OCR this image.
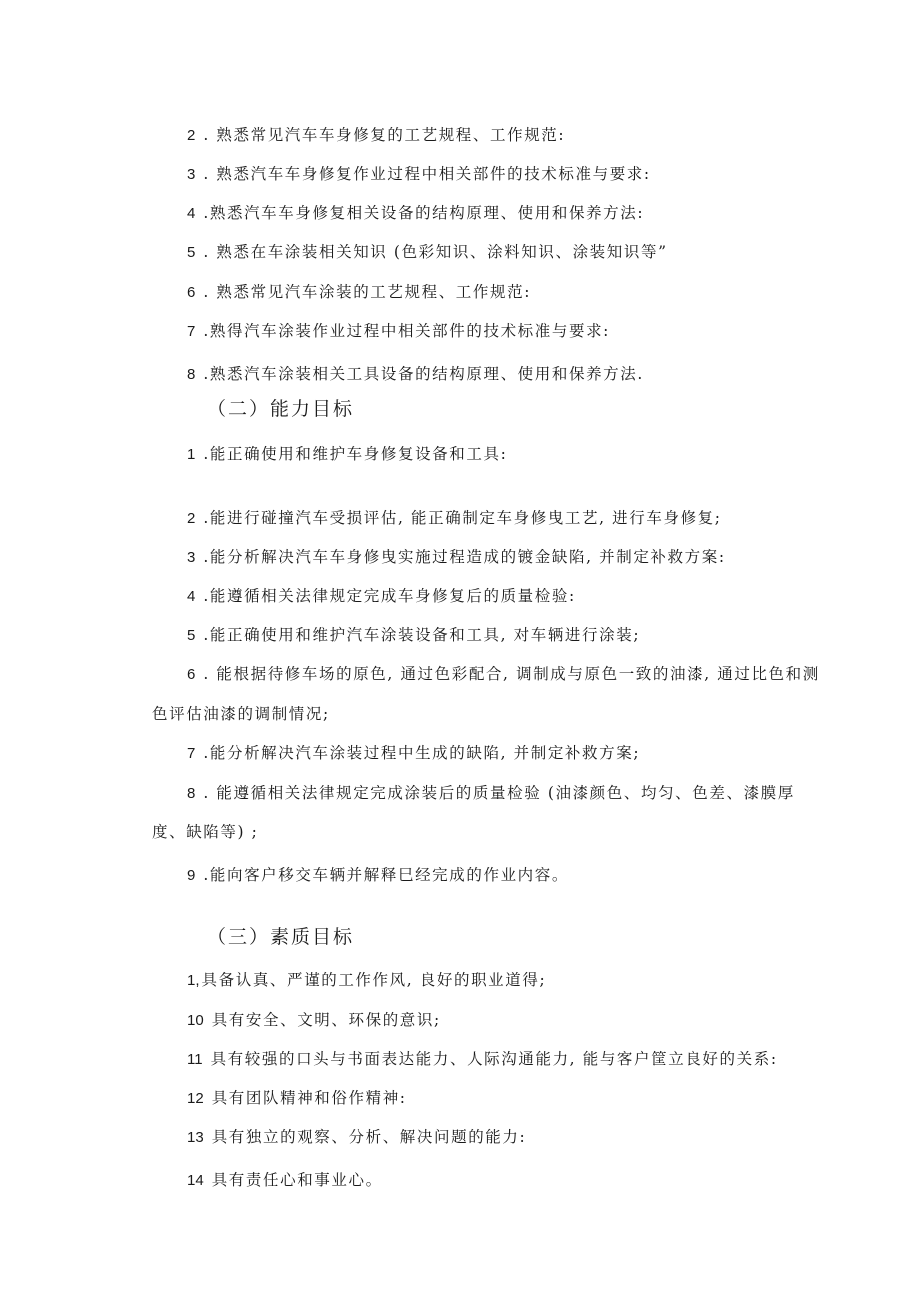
2 . 熟悉常见汽车车身修复的工艺规程、工作规范:
3 . 熟悉汽车车身修复作业过程中相关部件的技术标准与要求:
4 .熟悉汽车车身修复相关设备的结构原理、使用和保养方法:
5 . 熟悉在车涂装相关知识 (色彩知识、涂料知识、涂装知识等”
6 . 熟悉常见汽车涂装的工艺规程、工作规范:
7 .熟得汽车涂装作业过程中相关部件的技术标准与要求:
8 .熟悉汽车涂装相关工具设备的结构原理、使用和保养方法.
（二）能力目标
1 .能正确使用和维护车身修复设备和工具:
2 .能进行碰撞汽车受损评估, 能正确制定车身修曳工艺, 进行车身修复;
3 .能分析解决汽车车身修曳实施过程造成的镀金缺陷, 并制定补救方案:
4 .能遵循相关法律规定完成车身修复后的质量检验:
5 .能正确使用和维护汽车涂装设备和工具, 对车辆进行涂装;
6 . 能根据待修车场的原色, 通过色彩配合, 调制成与原色一致的油漆, 通过比色和测
色评估油漆的调制情况;
7 .能分析解决汽车涂装过程中生成的缺陷, 并制定补救方案;
8 . 能遵循相关法律规定完成涂装后的质量检验 (油漆颜色、均匀、色差、漆膜厚
度、缺陷等) ;
9 .能向客户移交车辆并解释巳经完成的作业内容。
（三）素质目标
1, 具备认真、严谨的工作作风, 良好的职业道得;
10 具有安全、文明、环保的意识;
11 具有较强的口头与书面表达能力、人际沟通能力, 能与客户筐立良好的关系:
12 具有团队精神和俗作精神:
13 具有独立的观察、分析、解决问题的能力:
14 具有责任心和事业心。
